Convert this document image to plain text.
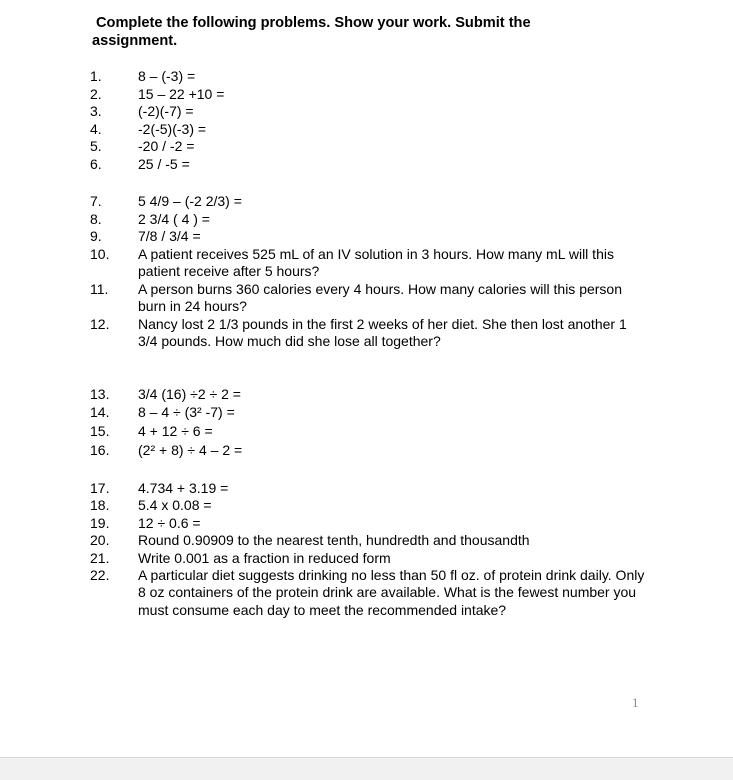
Complete the following problems. Show your work. Submit the assignment.
1.	8 – (-3) =
2.	15 – 22 +10 =
3.	(-2)(-7) =
4.	-2(-5)(-3) =
5.	-20 / -2 =
6.	25 / -5 =
7.	5 4/9 – (-2 2/3) =
8.	2 3/4 ( 4 ) =
9.	7/8 / 3/4 =
10.	A patient receives 525 mL of an IV solution in 3 hours. How many mL will this patient receive after 5 hours?
11.	A person burns 360 calories every 4 hours. How many calories will this person burn in 24 hours?
12.	Nancy lost 2 1/3 pounds in the first 2 weeks of her diet. She then lost another 1 3/4 pounds. How much did she lose all together?
13.	3/4 (16) ÷2 ÷ 2 =
14.	8 – 4 ÷ (3² -7) =
15.	4 + 12 ÷ 6 =
16.	(2² + 8) ÷ 4 – 2 =
17.	4.734 + 3.19 =
18.	5.4 x 0.08 =
19.	12 ÷ 0.6 =
20.	Round 0.90909 to the nearest tenth, hundredth and thousandth
21.	Write 0.001 as a fraction in reduced form
22.	A particular diet suggests drinking no less than 50 fl oz. of protein drink daily. Only 8 oz containers of the protein drink are available. What is the fewest number you must consume each day to meet the recommended intake?
1
